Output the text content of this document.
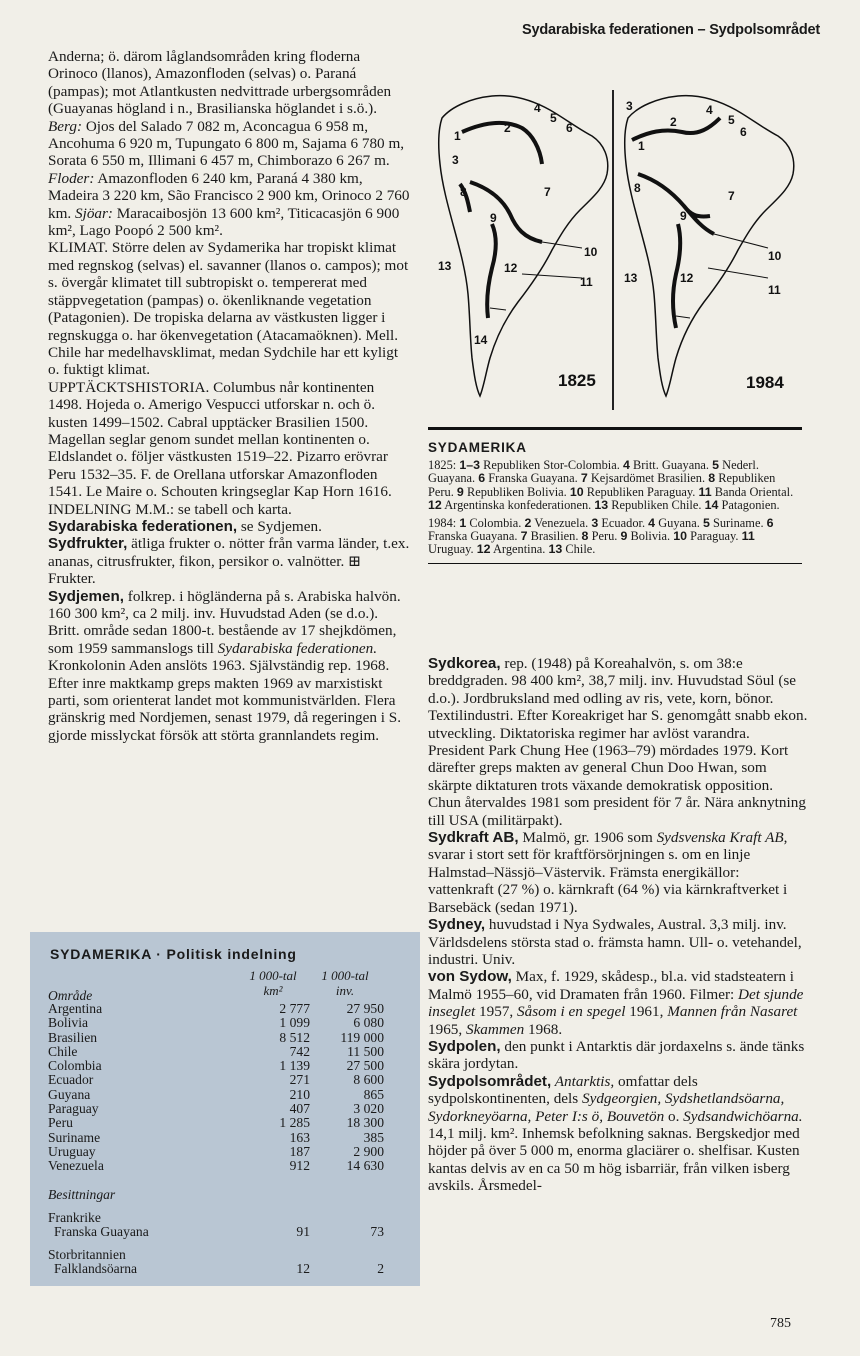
Sydarabiska federationen – Sydpolsområdet

Anderna; ö. därom låglandsområden kring floderna Orinoco (llanos), Amazonfloden (selvas) o. Paraná (pampas); mot Atlantkusten nedvittrade urbergsområden (Guayanas högland i n., Brasilianska höglandet i s.ö.). Berg: Ojos del Salado 7 082 m, Aconcagua 6 958 m, Ancohuma 6 920 m, Tupungato 6 800 m, Sajama 6 780 m, Sorata 6 550 m, Illimani 6 457 m, Chimborazo 6 267 m. Floder: Amazonfloden 6 240 km, Paraná 4 380 km, Madeira 3 220 km, São Francisco 2 900 km, Orinoco 2 760 km. Sjöar: Maracaibosjön 13 600 km², Titicacasjön 6 900 km², Lago Poopó 2 500 km².

KLIMAT. Större delen av Sydamerika har tropiskt klimat med regnskog (selvas) el. savanner (llanos o. campos); mot s. övergår klimatet till subtropiskt o. tempererat med stäppvegetation (pampas) o. ökenliknande vegetation (Patagonien). De tropiska delarna av västkusten ligger i regnskugga o. har ökenvegetation (Atacamaöknen). Mell. Chile har medelhavsklimat, medan Sydchile har ett kyligt o. fuktigt klimat.

UPPTÄCKTSHISTORIA. Columbus når kontinenten 1498. Hojeda o. Amerigo Vespucci utforskar n. och ö. kusten 1499–1502. Cabral upptäcker Brasilien 1500. Magellan seglar genom sundet mellan kontinenten o. Eldslandet o. följer västkusten 1519–22. Pizarro erövrar Peru 1532–35. F. de Orellana utforskar Amazonfloden 1541. Le Maire o. Schouten kringseglar Kap Horn 1616.

INDELNING M.M.: se tabell och karta.

Sydarabiska federationen, se Sydjemen.

Sydfrukter, ätliga frukter o. nötter från varma länder, t.ex. ananas, citrusfrukter, fikon, persikor o. valnötter. ⊞ Frukter.

Sydjemen, folkrep. i högländerna på s. Arabiska halvön. 160 300 km², ca 2 milj. inv. Huvudstad Aden (se d.o.). Britt. område sedan 1800-t. bestående av 17 shejkdömen, som 1959 sammanslogs till Sydarabiska federationen. Kronkolonin Aden anslöts 1963. Självständig rep. 1968. Efter inre maktkamp greps makten 1969 av marxistiskt parti, som orienterat landet mot kommunistvärlden. Flera gränskrig med Nordjemen, senast 1979, då regeringen i S. gjorde misslyckat försök att störta grannlandets regim.

1
2
3
4
5
6
7
8
9
10
11
12
13
14
1825
1
2
3	4
5
6
7
8
9
10
11
12
13
1984
SYDAMERIKA

1825: 1–3 Republiken Stor-Colombia. 4 Britt. Guayana. 5 Nederl. Guayana. 6 Franska Guayana. 7 Kejsardömet Brasilien. 8 Republiken Peru. 9 Republiken Bolivia. 10 Republiken Paraguay. 11 Banda Oriental. 12 Argentinska konfederationen. 13 Republiken Chile. 14 Patagonien.

1984: 1 Colombia. 2 Venezuela. 3 Ecuador. 4 Guyana. 5 Suriname. 6 Franska Guayana. 7 Brasilien. 8 Peru. 9 Bolivia. 10 Paraguay. 11 Uruguay. 12 Argentina. 13 Chile.

Sydkorea, rep. (1948) på Koreahalvön, s. om 38:e breddgraden. 98 400 km², 38,7 milj. inv. Huvudstad Söul (se d.o.). Jordbruksland med odling av ris, vete, korn, bönor. Textilindustri. Efter Koreakriget har S. genomgått snabb ekon. utveckling. Diktatoriska regimer har avlöst varandra. President Park Chung Hee (1963–79) mördades 1979. Kort därefter greps makten av general Chun Doo Hwan, som skärpte diktaturen trots växande demokratisk opposition. Chun återvaldes 1981 som president för 7 år. Nära anknytning till USA (militärpakt).

Sydkraft AB, Malmö, gr. 1906 som Sydsvenska Kraft AB, svarar i stort sett för kraftförsörjningen s. om en linje Halmstad–Nässjö–Västervik. Främsta energikällor: vattenkraft (27 %) o. kärnkraft (64 %) via kärnkraftverket i Barsebäck (sedan 1971).

Sydney, huvudstad i Nya Sydwales, Austral. 3,3 milj. inv. Världsdelens största stad o. främsta hamn. Ull- o. vetehandel, industri. Univ.

von Sydow, Max, f. 1929, skådesp., bl.a. vid stadsteatern i Malmö 1955–60, vid Dramaten från 1960. Filmer: Det sjunde inseglet 1957, Såsom i en spegel 1961, Mannen från Nasaret 1965, Skammen 1968.

Sydpolen, den punkt i Antarktis där jordaxelns s. ände tänks skära jordytan.

Sydpolsområdet, Antarktis, omfattar dels sydpolskontinenten, dels Sydgeorgien, Sydshetlandsöarna, Sydorkneyöarna, Peter I:s ö, Bouvetön o. Sydsandwichöarna. 14,1 milj. km². Inhemsk befolkning saknas. Bergskedjor med höjder på över 5 000 m, enorma glaciärer o. shelfisar. Kusten kantas delvis av en ca 50 m hög isbarriär, från vilken isberg avskils. Årsmedel-

SYDAMERIKA · Politisk indelning
Område
1 000-tal
km²
1 000-tal
inv.
Argentina	2 777	27 950
Bolivia	1 099	6 080
Brasilien	8 512	119 000
Chile	742	11 500
Colombia	1 139	27 500
Ecuador	271	8 600
Guyana	210	865
Paraguay	407	3 020
Peru	1 285	18 300
Surinamе	163	385
Uruguay	187	2 900
Venezuela	912	14 630
Besittningar
Frankrike
Franska Guayana	91	73
Storbritannien
Falklandsöarna	12	2
785
